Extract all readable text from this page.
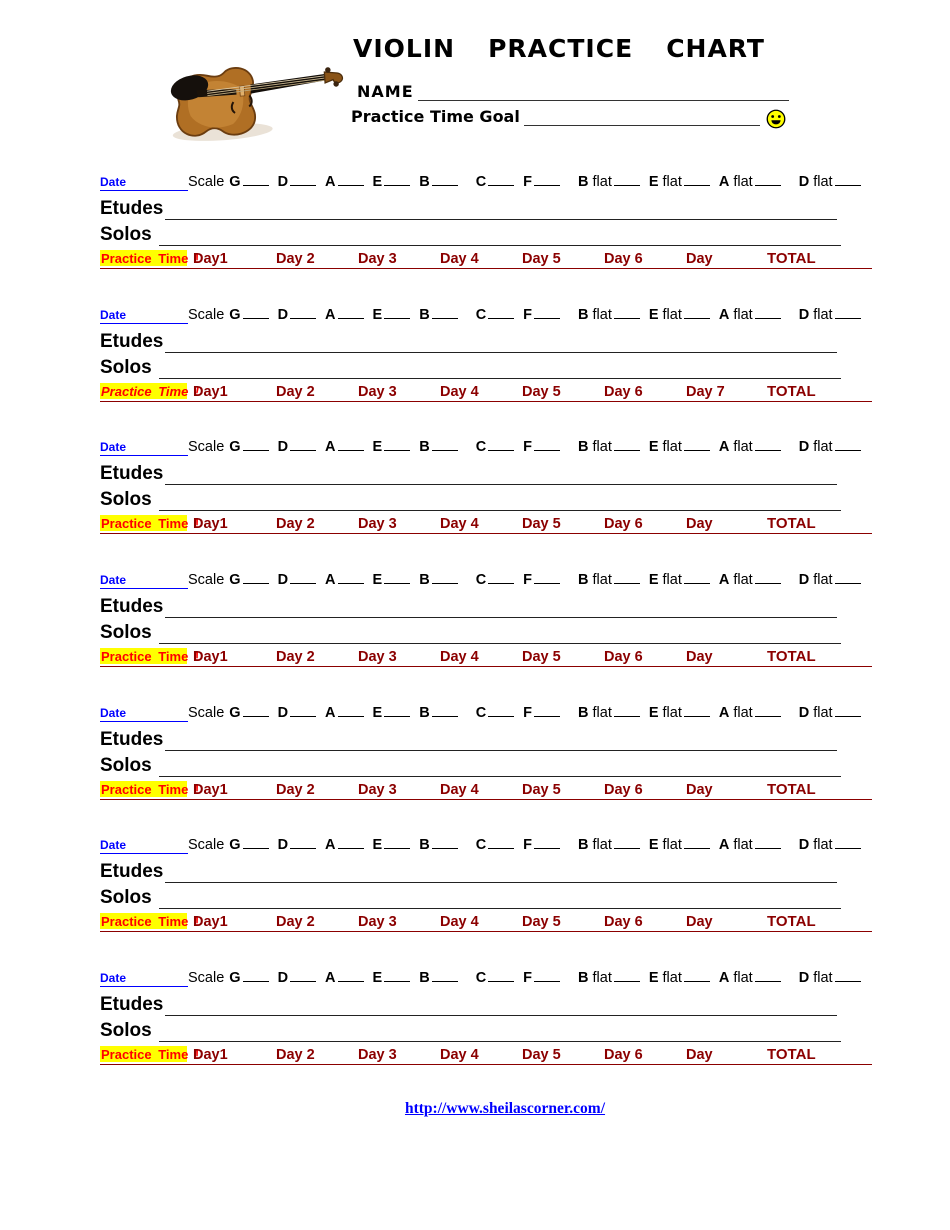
VIOLIN PRACTICE CHART
NAME
Practice Time Goal
Date	Scale G	D	A	E	B	C	F	B flat	E flat	A flat	D flat
Etudes
Solos
Practice Time !
Day1	Day 2	Day 3	Day 4	Day 5	Day 6	Day	TOTAL
Date	Scale G	D	A	E	B	C	F	B flat	E flat	A flat	D flat
Etudes
Solos
Practice Time !
Day1	Day 2	Day 3	Day 4	Day 5	Day 6	Day 7	TOTAL
Date	Scale G	D	A	E	B	C	F	B flat	E flat	A flat	D flat
Etudes
Solos
Practice Time !
Day1	Day 2	Day 3	Day 4	Day 5	Day 6	Day	TOTAL
Date	Scale G	D	A	E	B	C	F	B flat	E flat	A flat	D flat
Etudes
Solos
Practice Time !
Day1	Day 2	Day 3	Day 4	Day 5	Day 6	Day	TOTAL
Date	Scale G	D	A	E	B	C	F	B flat	E flat	A flat	D flat
Etudes
Solos
Practice Time !
Day1	Day 2	Day 3	Day 4	Day 5	Day 6	Day	TOTAL
Date	Scale G	D	A	E	B	C	F	B flat	E flat	A flat	D flat
Etudes
Solos
Practice Time !
Day1	Day 2	Day 3	Day 4	Day 5	Day 6	Day	TOTAL
Date	Scale G	D	A	E	B	C	F	B flat	E flat	A flat	D flat
Etudes
Solos
Practice Time !
Day1	Day 2	Day 3	Day 4	Day 5	Day 6	Day	TOTAL
http://www.sheilascorner.com/
